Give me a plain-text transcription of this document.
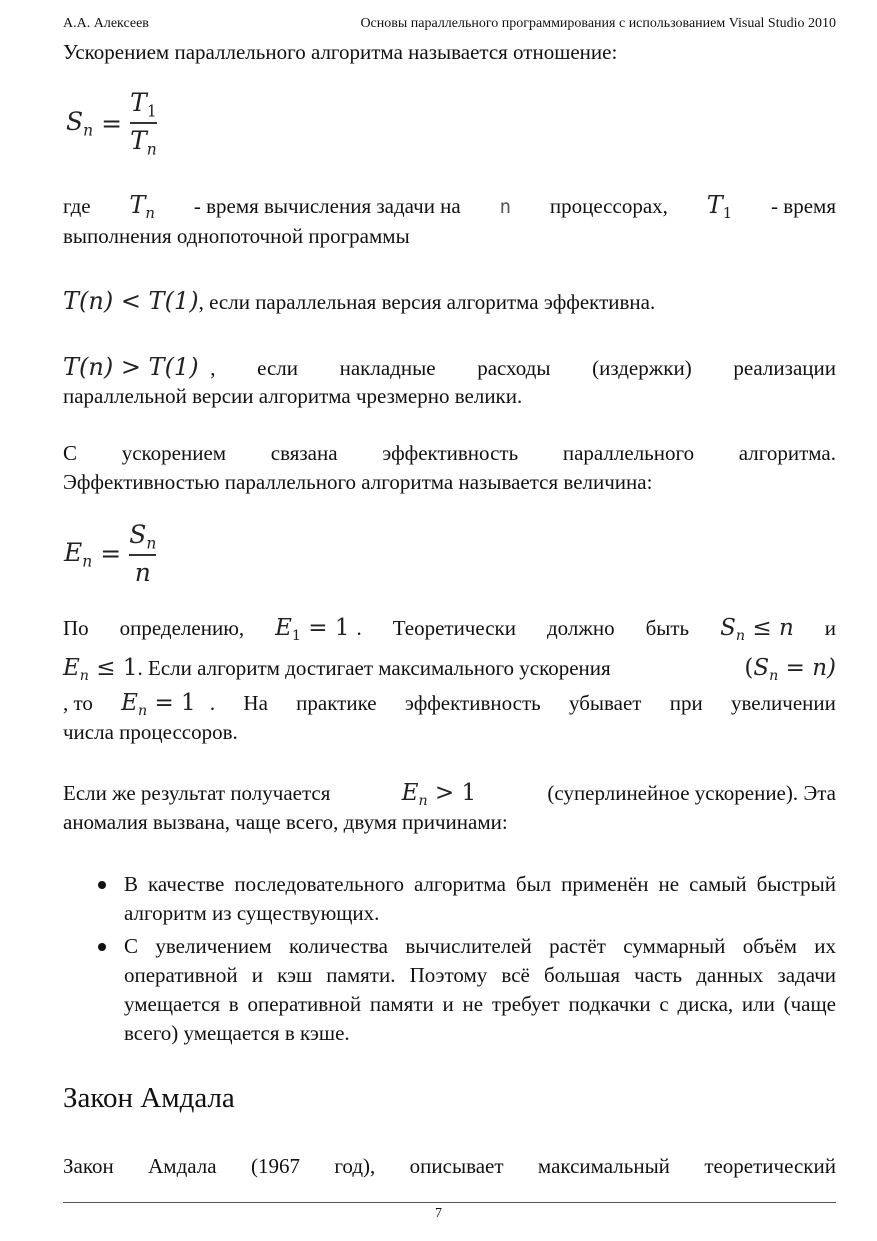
А.А. Алексеев	Основы параллельного программирования с использованием Visual Studio 2010
Ускорением параллельного алгоритма называется отношение:
$S_n = \frac{T_1}{T_n}$
где $T_n$ - время вычисления задачи на n процессорах, $T_1$ - время
выполнения однопоточной программы
T(n) < T(1), если параллельная версия алгоритма эффективна.
T(n) > T(1) , если накладные расходы (издержки) реализации
параллельной версии алгоритма чрезмерно велики.
С ускорением связана эффективность параллельного алгоритма.
Эффективностью параллельного алгоритма называется величина:
$E_n = \frac{S_n}{n}$
По определению, $E_1 = 1$ . Теоретически должно быть $S_n \le n$ и
$E_n \le 1$. Если алгоритм достигает максимального ускорения	$(S_n = n)$
, то $E_n = 1$ . На практике эффективность убывает при увеличении
числа процессоров.
Если же результат получается	$E_n > 1$	(суперлинейное ускорение). Эта
аномалия вызвана, чаще всего, двумя причинами:
В качестве последовательного алгоритма был применён не самый быстрый алгоритм из существующих.
С увеличением количества вычислителей растёт суммарный объём их оперативной и кэш памяти. Поэтому всё большая часть данных задачи умещается в оперативной памяти и не требует подкачки с диска, или (чаще всего) умещается в кэше.
Закон Амдала
Закон Амдала (1967 год), описывает максимальный теоретический
7
